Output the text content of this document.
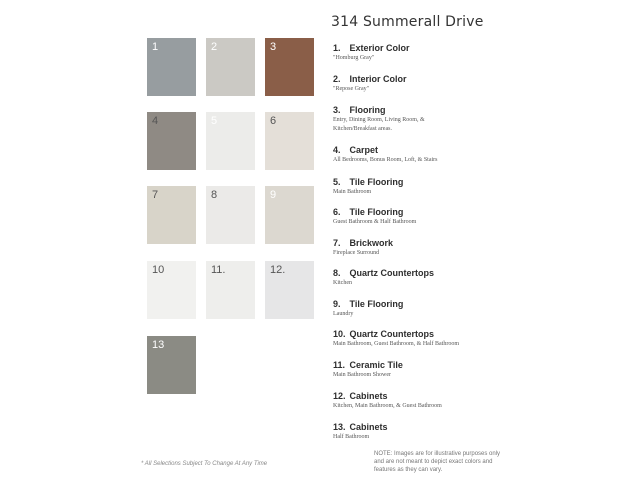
1	2	3
4	5	6
7	8	9
10	11.	12.
13
314 Summerall Drive
1. Exterior Color
"Homburg Gray"
2. Interior Color
"Repose Gray"
3. Flooring
Entry, Dining Room, Living Room, & Kitchen/Breakfast areas.
4. Carpet
All Bedrooms, Bonus Room, Loft, & Stairs
5. Tile Flooring
Main Bathroom
6. Tile Flooring
Guest Bathroom & Half Bathroom
7. Brickwork
Fireplace Surround
8. Quartz Countertops
Kitchen
9. Tile Flooring
Laundry
10. Quartz Countertops
Main Bathroom, Guest Bathroom, & Half Bathroom
11. Ceramic Tile
Main Bathroom Shower
12. Cabinets
Kitchen, Main Bathroom, & Guest Bathroom
13. Cabinets
Half Bathroom
* All Selections Subject To Change At Any Time
NOTE: Images are for illustrative purposes only and are not meant to depict exact colors and features as they can vary.
